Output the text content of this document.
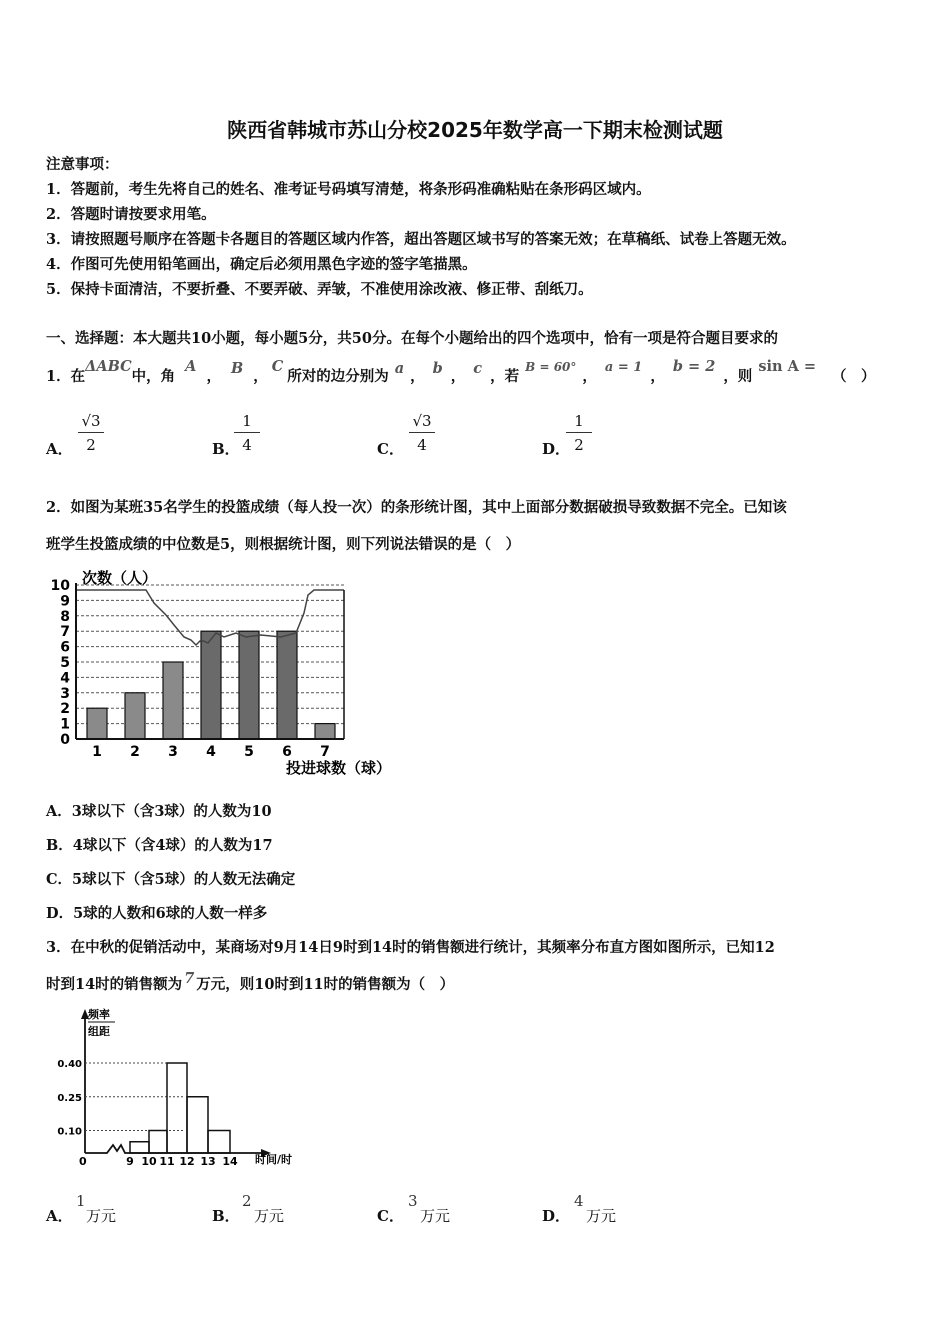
陕西省韩城市苏山分校2025年数学高一下期末检测试题
注意事项：
1．答题前，考生先将自己的姓名、准考证号码填写清楚，将条形码准确粘贴在条形码区域内。
2．答题时请按要求用笔。
3．请按照题号顺序在答题卡各题目的答题区域内作答，超出答题区域书写的答案无效；在草稿纸、试卷上答题无效。
4．作图可先使用铅笔画出，确定后必须用黑色字迹的签字笔描黑。
5．保持卡面清洁，不要折叠、不要弄破、弄皱，不准使用涂改液、修正带、刮纸刀。
一、选择题：本大题共10小题，每小题5分，共50分。在每个小题给出的四个选项中，恰有一项是符合题目要求的
1．在ΔABC中，角A， B ，C所对的边分别为 a ， b ， c ，若$^{B = 60^\circ}$，a = 1，b = 2，则sin A =（　）
A． $\frac{√3}{2}$	B．
$\frac{1}{4}$	C． $\frac{√3}{4}$	D．
$\frac{1}{2}$
2．如图为某班35名学生的投篮成绩（每人投一次）的条形统计图，其中上面部分数据破损导致数据不完全。已知该
班学生投篮成绩的中位数是5，则根据统计图，则下列说法错误的是（　）
0
1
2
3
4
5
6
7
8
9
10
1 2 3 4 5 6 7
次数（人）
投进球数（球）
A．3球以下（含3球）的人数为10
B．4球以下（含4球）的人数为17
C．5球以下（含5球）的人数无法确定
D．5球的人数和6球的人数一样多
3．在中秋的促销活动中，某商场对9月14日9时到14时的销售额进行统计，其频率分布直方图如图所示，已知12
时到14时的销售额为 7 万元，则10时到11时的销售额为（　）
频率
组距
0.10
0.25
0.40
9 10 11 12 13 14
0	时间/时
A．
1
万元	B．
2
万元	C．
3
万元	D．
4
万元
